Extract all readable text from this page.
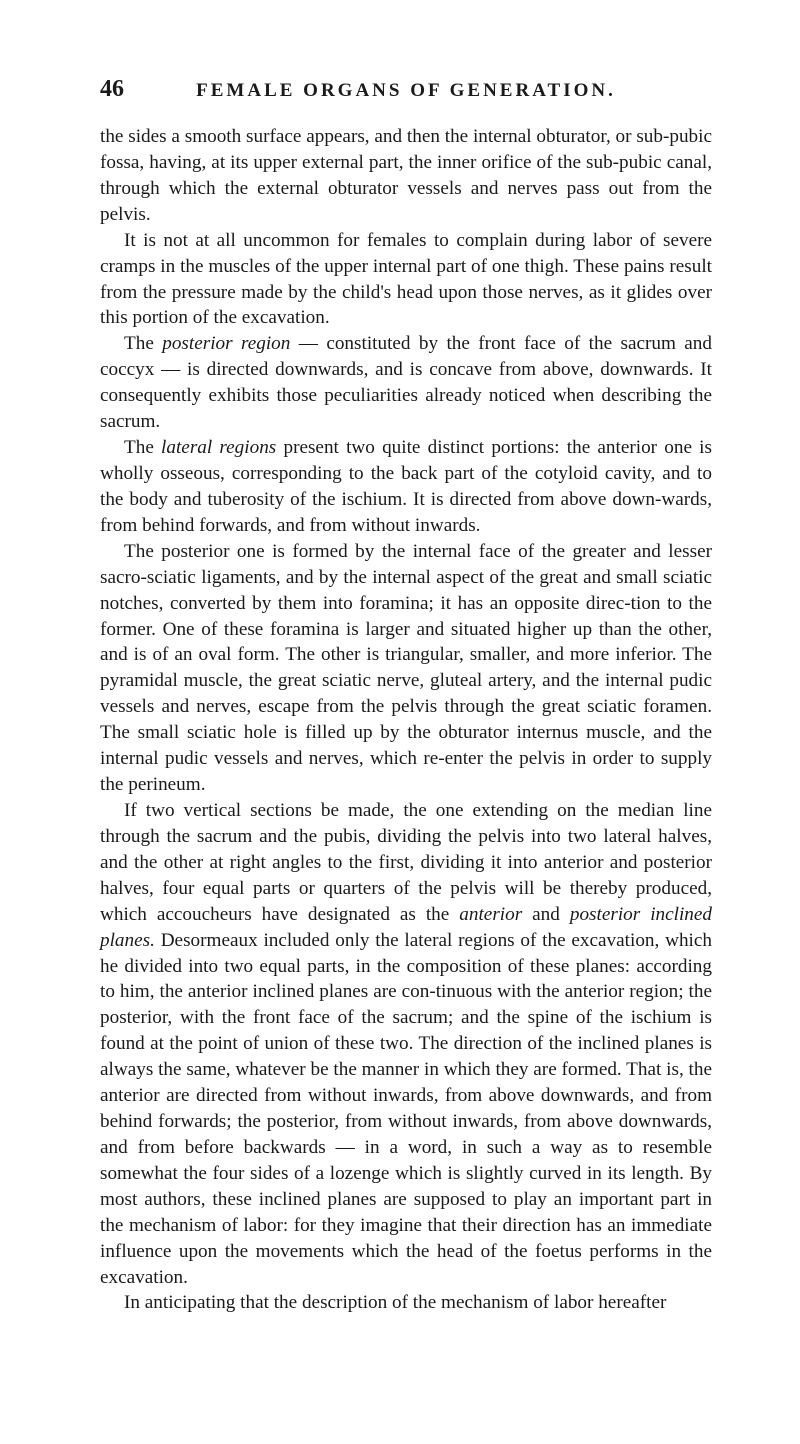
46	FEMALE ORGANS OF GENERATION.

the sides a smooth surface appears, and then the internal obturator, or sub-pubic fossa, having, at its upper external part, the inner orifice of the sub-pubic canal, through which the external obturator vessels and nerves pass out from the pelvis.

It is not at all uncommon for females to complain during labor of severe cramps in the muscles of the upper internal part of one thigh. These pains result from the pressure made by the child's head upon those nerves, as it glides over this portion of the excavation.

The posterior region — constituted by the front face of the sacrum and coccyx — is directed downwards, and is concave from above, downwards. It consequently exhibits those peculiarities already noticed when describing the sacrum.

The lateral regions present two quite distinct portions: the anterior one is wholly osseous, corresponding to the back part of the cotyloid cavity, and to the body and tuberosity of the ischium. It is directed from above down-wards, from behind forwards, and from without inwards.

The posterior one is formed by the internal face of the greater and lesser sacro-sciatic ligaments, and by the internal aspect of the great and small sciatic notches, converted by them into foramina; it has an opposite direc-tion to the former. One of these foramina is larger and situated higher up than the other, and is of an oval form. The other is triangular, smaller, and more inferior. The pyramidal muscle, the great sciatic nerve, gluteal artery, and the internal pudic vessels and nerves, escape from the pelvis through the great sciatic foramen. The small sciatic hole is filled up by the obturator internus muscle, and the internal pudic vessels and nerves, which re-enter the pelvis in order to supply the perineum.

If two vertical sections be made, the one extending on the median line through the sacrum and the pubis, dividing the pelvis into two lateral halves, and the other at right angles to the first, dividing it into anterior and posterior halves, four equal parts or quarters of the pelvis will be thereby produced, which accoucheurs have designated as the anterior and posterior inclined planes. Desormeaux included only the lateral regions of the excavation, which he divided into two equal parts, in the composition of these planes: according to him, the anterior inclined planes are con-tinuous with the anterior region; the posterior, with the front face of the sacrum; and the spine of the ischium is found at the point of union of these two. The direction of the inclined planes is always the same, whatever be the manner in which they are formed. That is, the anterior are directed from without inwards, from above downwards, and from behind forwards; the posterior, from without inwards, from above downwards, and from before backwards — in a word, in such a way as to resemble somewhat the four sides of a lozenge which is slightly curved in its length. By most authors, these inclined planes are supposed to play an important part in the mechanism of labor: for they imagine that their direction has an immediate influence upon the movements which the head of the foetus performs in the excavation.

In anticipating that the description of the mechanism of labor hereafter
